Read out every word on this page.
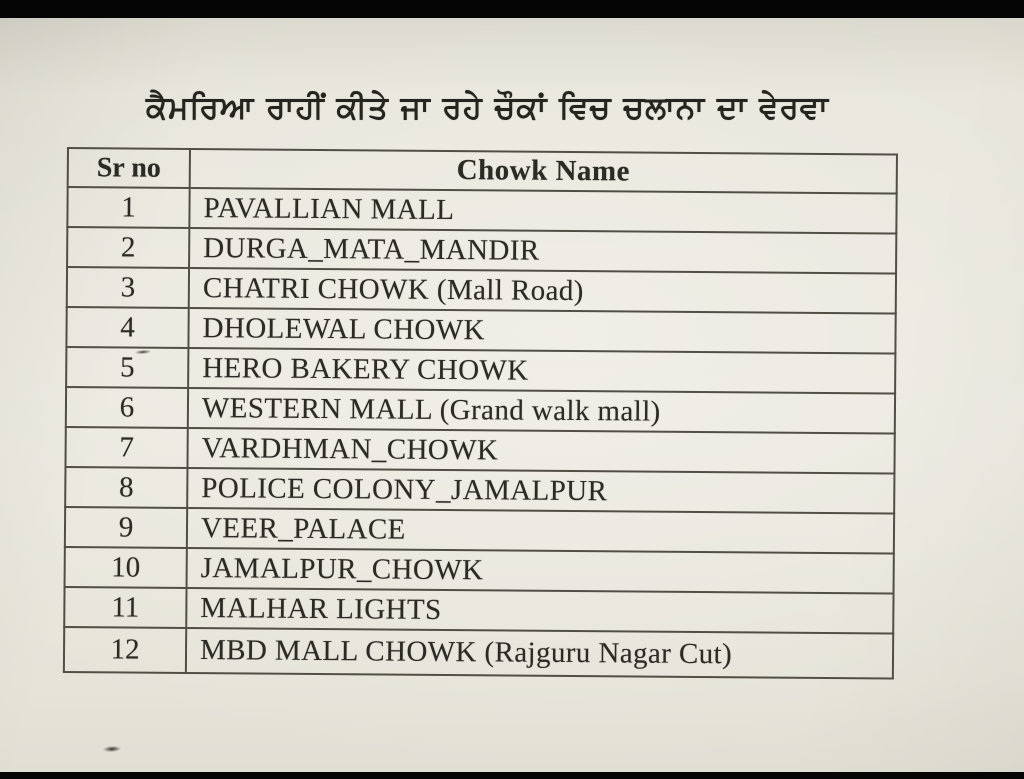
ਕੈਮਰਿਆ ਰਾਹੀਂ ਕੀਤੇ ਜਾ ਰਹੇ ਚੌਕਾਂ ਵਿਚ ਚਲਾਨਾ ਦਾ ਵੇਰਵਾ
Sr no	Chowk Name
1	PAVALLIAN MALL
2	DURGA_MATA_MANDIR
3	CHATRI CHOWK (Mall Road)
4	DHOLEWAL CHOWK
5	HERO BAKERY CHOWK
6	WESTERN MALL (Grand walk mall)
7	VARDHMAN_CHOWK
8	POLICE COLONY_JAMALPUR
9	VEER_PALACE
10	JAMALPUR_CHOWK
11	MALHAR LIGHTS
12	MBD MALL CHOWK (Rajguru Nagar Cut)
